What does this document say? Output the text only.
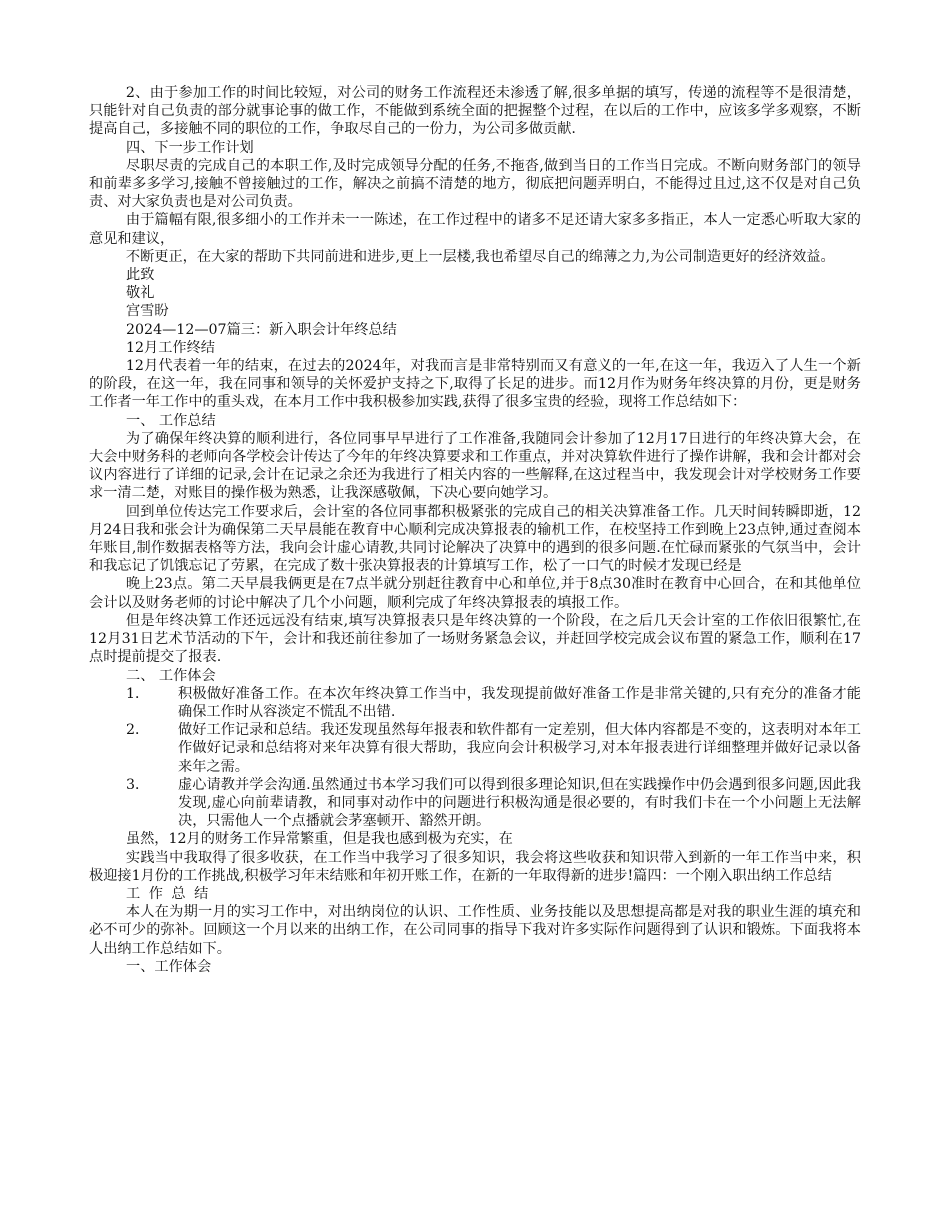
2、由于参加工作的时间比较短，对公司的财务工作流程还未渗透了解,很多单据的填写，传递的流程等不是很清楚，只能针对自己负责的部分就事论事的做工作，不能做到系统全面的把握整个过程，在以后的工作中，应该多学多观察，不断提高自己，多接触不同的职位的工作，争取尽自己的一份力，为公司多做贡献.

四、下一步工作计划

尽职尽责的完成自己的本职工作,及时完成领导分配的任务,不拖沓,做到当日的工作当日完成。不断向财务部门的领导和前辈多多学习,接触不曾接触过的工作，解决之前搞不清楚的地方，彻底把问题弄明白，不能得过且过,这不仅是对自己负责、对大家负责也是对公司负责。

由于篇幅有限,很多细小的工作并未一一陈述，在工作过程中的诸多不足还请大家多多指正，本人一定悉心听取大家的意见和建议，

不断更正，在大家的帮助下共同前进和进步,更上一层楼,我也希望尽自己的绵薄之力,为公司制造更好的经济效益。

此致

敬礼

宫雪盼

2024—12—07篇三：新入职会计年终总结

12月工作终结

12月代表着一年的结束，在过去的2024年，对我而言是非常特别而又有意义的一年,在这一年，我迈入了人生一个新的阶段，在这一年，我在同事和领导的关怀爱护支持之下,取得了长足的进步。而12月作为财务年终决算的月份，更是财务工作者一年工作中的重头戏，在本月工作中我积极参加实践,获得了很多宝贵的经验，现将工作总结如下：

一、 工作总结

为了确保年终决算的顺利进行，各位同事早早进行了工作准备,我随同会计参加了12月17日进行的年终决算大会，在大会中财务科的老师向各学校会计传达了今年的年终决算要求和工作重点，并对决算软件进行了操作讲解，我和会计都对会议内容进行了详细的记录,会计在记录之余还为我进行了相关内容的一些解释,在这过程当中，我发现会计对学校财务工作要求一清二楚，对账目的操作极为熟悉，让我深感敬佩，下决心要向她学习。

回到单位传达完工作要求后，会计室的各位同事都积极紧张的完成自己的相关决算准备工作。几天时间转瞬即逝，12月24日我和张会计为确保第二天早晨能在教育中心顺利完成决算报表的输机工作，在校坚持工作到晚上23点钟,通过查阅本年账目,制作数据表格等方法，我向会计虚心请教,共同讨论解决了决算中的遇到的很多问题.在忙碌而紧张的气氛当中，会计和我忘记了饥饿忘记了劳累，在完成了数十张决算报表的计算填写工作，松了一口气的时候才发现已经是

晚上23点。第二天早晨我俩更是在7点半就分别赶往教育中心和单位,并于8点30准时在教育中心回合，在和其他单位会计以及财务老师的讨论中解决了几个小问题，顺利完成了年终决算报表的填报工作。

但是年终决算工作还远远没有结束,填写决算报表只是年终决算的一个阶段，在之后几天会计室的工作依旧很繁忙,在12月31日艺术节活动的下午，会计和我还前往参加了一场财务紧急会议，并赶回学校完成会议布置的紧急工作，顺利在17点时提前提交了报表.

二、 工作体会

1．	积极做好准备工作。在本次年终决算工作当中，我发现提前做好准备工作是非常关键的,只有充分的准备才能确保工作时从容淡定不慌乱不出错.
2．	做好工作记录和总结。我还发现虽然每年报表和软件都有一定差别，但大体内容都是不变的，这表明对本年工作做好记录和总结将对来年决算有很大帮助，我应向会计积极学习,对本年报表进行详细整理并做好记录以备来年之需。
3．	虚心请教并学会沟通.虽然通过书本学习我们可以得到很多理论知识,但在实践操作中仍会遇到很多问题,因此我发现,虚心向前辈请教，和同事对动作中的问题进行积极沟通是很必要的，有时我们卡在一个小问题上无法解决，只需他人一个点播就会茅塞顿开、豁然开朗。

虽然，12月的财务工作异常繁重，但是我也感到极为充实，在

实践当中我取得了很多收获，在工作当中我学习了很多知识，我会将这些收获和知识带入到新的一年工作当中来，积极迎接1月份的工作挑战,积极学习年末结账和年初开账工作，在新的一年取得新的进步!篇四：一个刚入职出纳工作总结

工作总结

本人在为期一月的实习工作中，对出纳岗位的认识、工作性质、业务技能以及思想提高都是对我的职业生涯的填充和必不可少的弥补。回顾这一个月以来的出纳工作，在公司同事的指导下我对许多实际作问题得到了认识和锻炼。下面我将本人出纳工作总结如下。

一、工作体会
